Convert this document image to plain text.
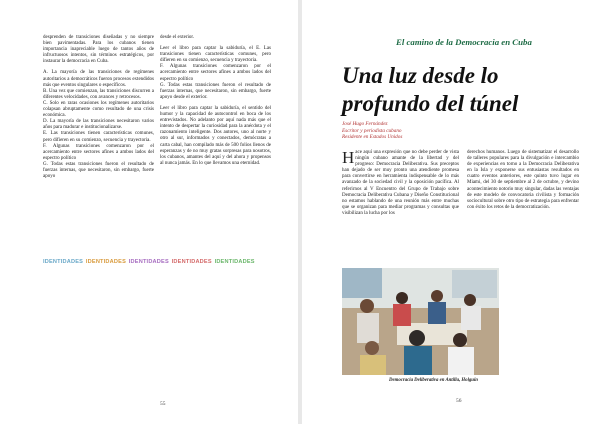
desprenden de transiciones diseñadas y no siempre bien pavimentadas. Para los cubanos tienen importancia inapreciable luego de tantos años de infructuosos intentos, sin términos estratégicos, por instaurar la democracia en Cuba.

A. La mayoría de las transiciones de regímenes autoritarios a democráticos fueron procesos extendidos más que eventos singulares o específicos.
B. Una vez que comienzan, las transiciones discurren a diferentes velocidades, con avances y retrocesos.
C. Solo en raras ocasiones los regímenes autoritarios colapsan abruptamente como resultado de una crisis económica.
D. La mayoría de las transiciones necesitaron varios años para madurar e institucionalizarse.
E. Las transiciones tienen características comunes, pero difieren en su comienzo, secuencia y trayectoria.
F. Algunas transiciones comenzaron por el acercamiento entre sectores afines a ambos lados del espectro político
G. Todas estas transiciones fueron el resultado de fuerzas internas, que necesitaron, sin embargo, fuerte apoyo

desde el exterior.

Leer el libro para captar la sabiduría, el E. Las transiciones tienen características comunes, pero difieren en su comienzo, secuencia y trayectoria.
F. Algunas transiciones comenzaron por el acercamiento entre sectores afines a ambos lados del espectro político
G. Todas estas transiciones fueron el resultado de fuerzas internas, que necesitaron, sin embargo, fuerte apoyo desde el exterior.

Leer el libro para captar la sabiduría, el sentido del humor y la capacidad de autocontrol en boca de los entrevistados. No adelanto por aquí nada más que el intento de despertar la curiosidad para la anécdota y el razonamiento inteligente. Dos autores, uno al norte y otro al sur, informados y conectados, demócratas a carta cabal, han compilado más de 500 folios llenos de esperanzas y de no muy gratas sorpresas para nosotros, los cubanos, amantes del aquí y del ahora y propensos al nunca jamás. En lo que llevamos una eternidad.

IDENTIDADES IDENTIDADES IDENTIDADES IDENTIDADES IDENTIDADES
55	56
El camino de la Democracia en Cuba
Una luz desde lo profundo del túnel
José Hugo Fernández
Escritor y periodista cubano
Residente en Estados Unidos
H ace aquí una expresión que no debe perder de vista ningún cubano amante de la libertad y del progreso: Democracia Deliberativa. Sus preceptos han dejado de ser muy pronto una atendiente promesa para convertirse en herramienta indispensable de lo más avanzado de la sociedad civil y la oposición pacífica. Al referirnos al V Encuentro del Grupo de Trabajo sobre Democracia Deliberativa Cubana y Diseño Constitucional no estamos hablando de una reunión más entre muchas que se organizan para mediar programas y consultas que visibilizan la lucha por los
derechos humanos. Luego de sistematizar el desarrollo de talleres populares para la divulgación e intercambio de experiencias en torno a la Democracia Deliberativa en la Isla y exponerse sus entusiastas resultados en cuatro eventos anteriores, este quinto tuvo lugar en Miami, del 30 de septiembre al 2 de octubre, y devino acontecimiento notorio muy singular, dadas las ventajas de este modelo de convocatoria civilista y formación sociocultural sobre otro tipo de estrategia para enfrentar con éxito los retos de la democratización.
Democracia Deliberativa en Antilla, Holguín
